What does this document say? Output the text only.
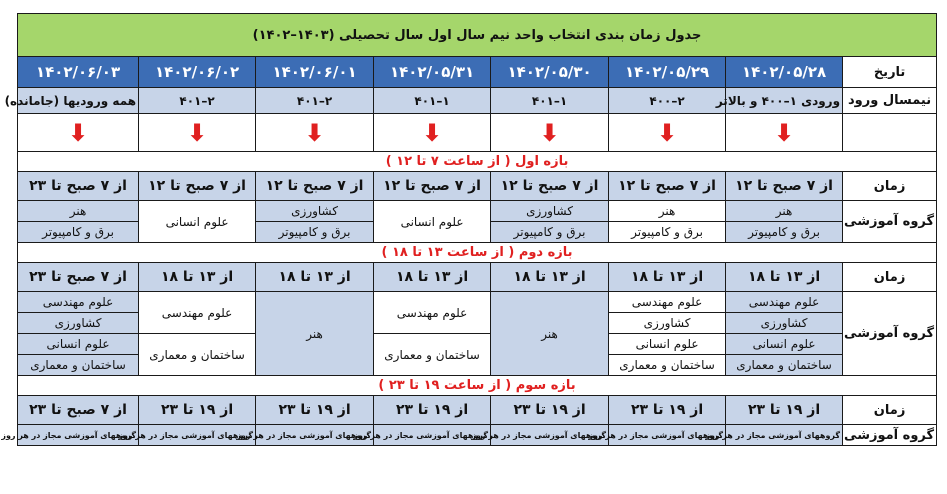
جدول زمان بندی انتخاب واحد نیم سال اول سال تحصیلی (۱۴۰۳–۱۴۰۲)							
تاریخ	۱۴۰۲/۰۵/۲۸	۱۴۰۲/۰۵/۲۹	۱۴۰۲/۰۵/۳۰	۱۴۰۲/۰۵/۳۱	۱۴۰۲/۰۶/۰۱	۱۴۰۲/۰۶/۰۲	۱۴۰۲/۰۶/۰۳
نیمسال ورود	ورودی ۱–۴۰۰ و بالاتر	۲–۴۰۰	۱–۴۰۱	۱–۴۰۱	۲–۴۰۱	۲–۴۰۱	همه ورودیها (جامانده)
	⬇	⬇	⬇	⬇	⬇	⬇	⬇
بازه اول ( از ساعت ۷ تا ۱۲ )							
زمان	از ۷ صبح تا ۱۲	از ۷ صبح تا ۱۲	از ۷ صبح تا ۱۲	از ۷ صبح تا ۱۲	از ۷ صبح تا ۱۲	از ۷ صبح تا ۱۲	از ۷ صبح تا ۲۳
گروه آموزشی	هنر	هنر	کشاورزی	علوم انسانی	کشاورزی	علوم انسانی	هنر
	برق و کامپیوتر	برق و کامپیوتر	برق و کامپیوتر		برق و کامپیوتر		برق و کامپیوتر
بازه دوم ( از ساعت ۱۳ تا ۱۸ )							
زمان	از ۱۳ تا ۱۸	از ۱۳ تا ۱۸	از ۱۳ تا ۱۸	از ۱۳ تا ۱۸	از ۱۳ تا ۱۸	از ۱۳ تا ۱۸	از ۷ صبح تا ۲۳
گروه آموزشی	علوم مهندسی	علوم مهندسی	هنر	علوم مهندسی	هنر	علوم مهندسی	علوم مهندسی
	کشاورزی	کشاورزی					کشاورزی
	علوم انسانی	علوم انسانی		ساختمان و معماری		ساختمان و معماری	علوم انسانی
	ساختمان و معماری	ساختمان و معماری					ساختمان و معماری
بازه سوم ( از ساعت ۱۹ تا ۲۳ )							
زمان	از ۱۹ تا ۲۳	از ۱۹ تا ۲۳	از ۱۹ تا ۲۳	از ۱۹ تا ۲۳	از ۱۹ تا ۲۳	از ۱۹ تا ۲۳	از ۷ صبح تا ۲۳
گروه آموزشی	گروههای آموزشی مجاز در هر روز	گروههای آموزشی مجاز در هر روز	گروههای آموزشی مجاز در هر روز	گروههای آموزشی مجاز در هر روز	گروههای آموزشی مجاز در هر روز	گروههای آموزشی مجاز در هر روز	گروههای آموزشی مجاز در هر روز
